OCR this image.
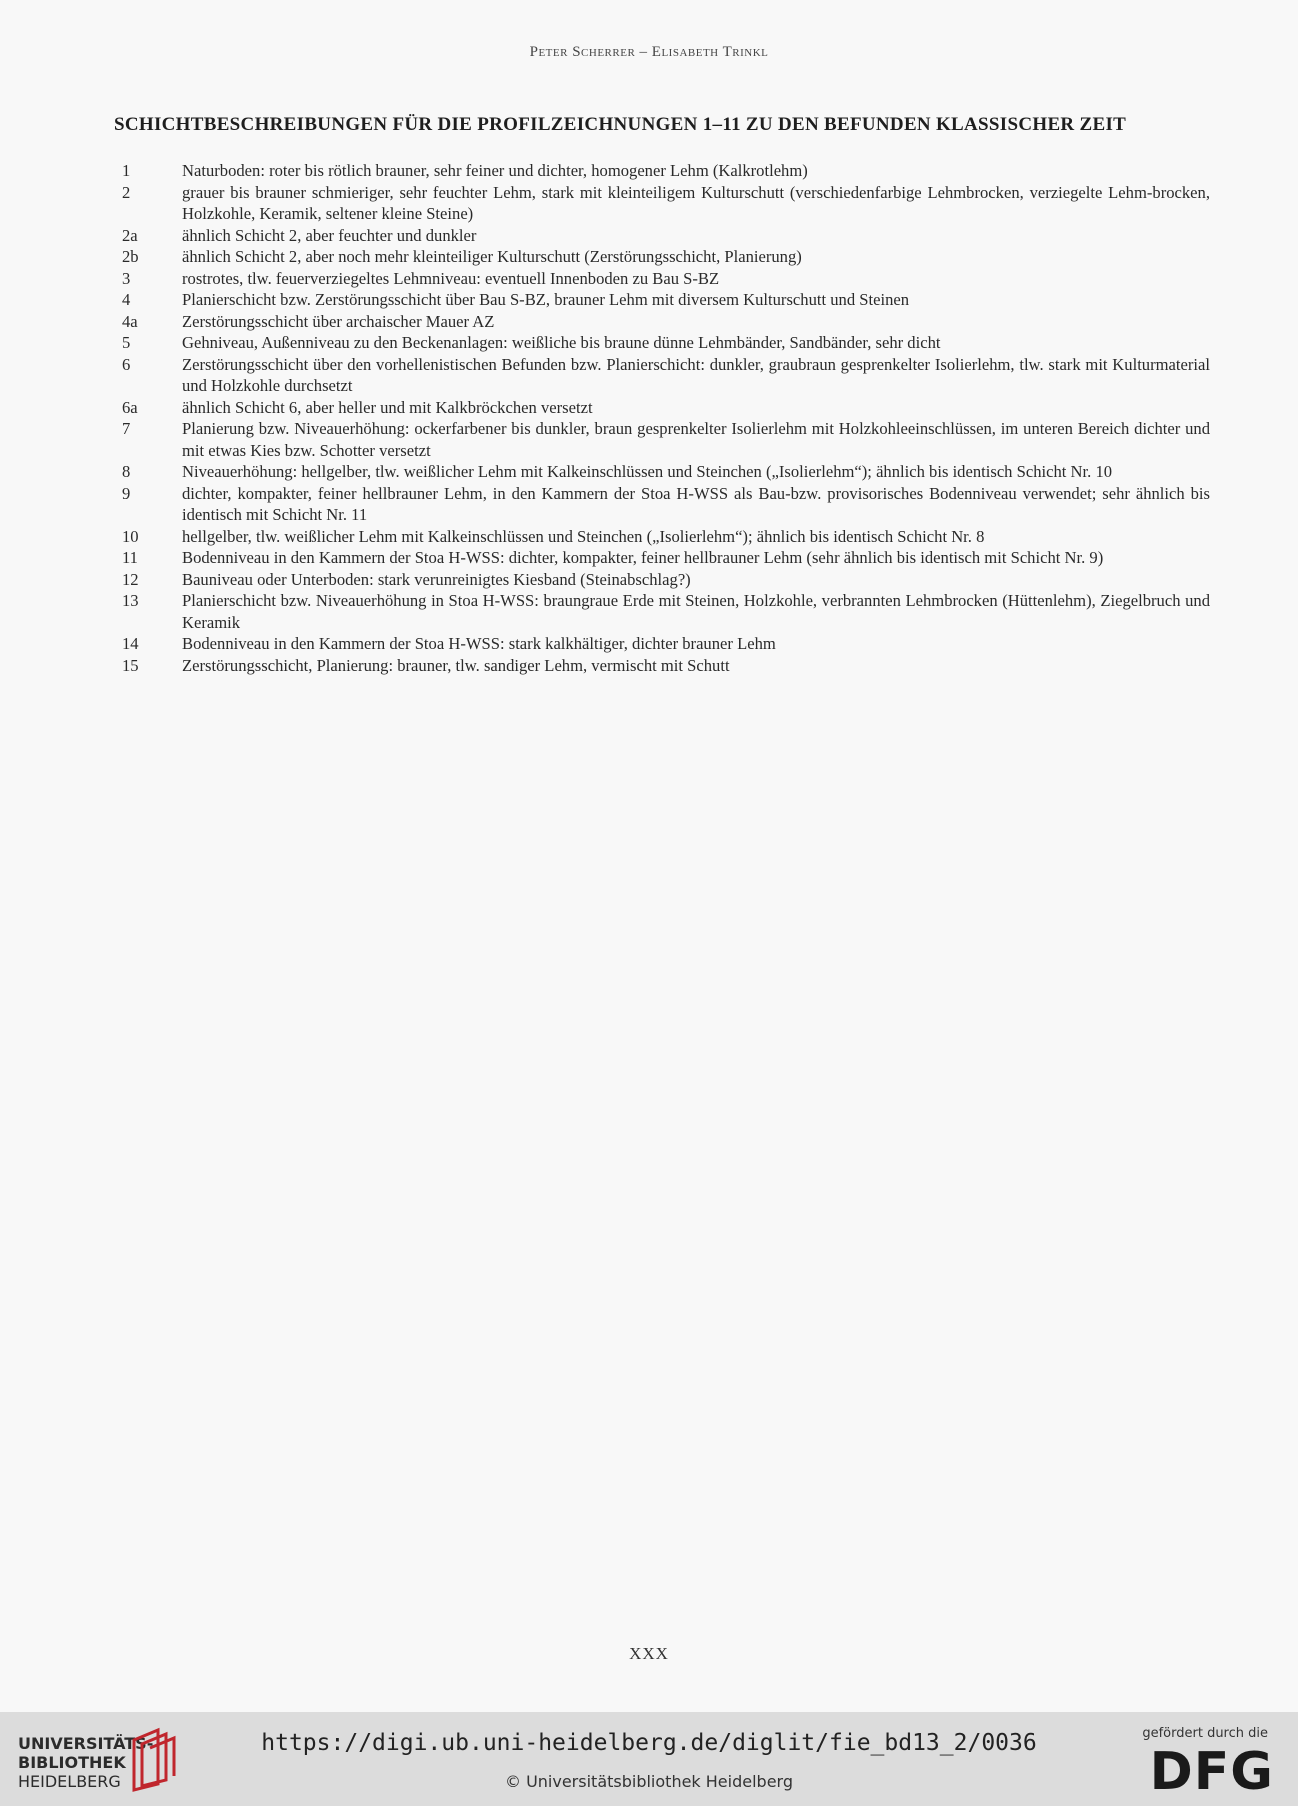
Peter Scherrer – Elisabeth Trinkl
SCHICHTBESCHREIBUNGEN FÜR DIE PROFILZEICHNUNGEN 1–11 ZU DEN BEFUNDEN KLASSISCHER ZEIT
1	Naturboden: roter bis rötlich brauner, sehr feiner und dichter, homogener Lehm (Kalkrotlehm)
2	grauer bis brauner schmieriger, sehr feuchter Lehm, stark mit kleinteiligem Kulturschutt (verschiedenfarbige Lehmbrocken, verziegelte Lehm-brocken, Holzkohle, Keramik, seltener kleine Steine)
2a	ähnlich Schicht 2, aber feuchter und dunkler
2b	ähnlich Schicht 2, aber noch mehr kleinteiliger Kulturschutt (Zerstörungsschicht, Planierung)
3	rostrotes, tlw. feuerverziegeltes Lehmniveau: eventuell Innenboden zu Bau S-BZ
4	Planierschicht bzw. Zerstörungsschicht über Bau S-BZ, brauner Lehm mit diversem Kulturschutt und Steinen
4a	Zerstörungsschicht über archaischer Mauer AZ
5	Gehniveau, Außenniveau zu den Beckenanlagen: weißliche bis braune dünne Lehmbänder, Sandbänder, sehr dicht
6	Zerstörungsschicht über den vorhellenistischen Befunden bzw. Planierschicht: dunkler, graubraun gesprenkelter Isolierlehm, tlw. stark mit Kulturmaterial und Holzkohle durchsetzt
6a	ähnlich Schicht 6, aber heller und mit Kalkbröckchen versetzt
7	Planierung bzw. Niveauerhöhung: ockerfarbener bis dunkler, braun gesprenkelter Isolierlehm mit Holzkohleeinschlüssen, im unteren Bereich dichter und mit etwas Kies bzw. Schotter versetzt
8	Niveauerhöhung: hellgelber, tlw. weißlicher Lehm mit Kalkeinschlüssen und Steinchen („Isolierlehm“); ähnlich bis identisch Schicht Nr. 10
9	dichter, kompakter, feiner hellbrauner Lehm, in den Kammern der Stoa H-WSS als Bau-bzw. provisorisches Bodenniveau verwendet; sehr ähnlich bis identisch mit Schicht Nr. 11
10	hellgelber, tlw. weißlicher Lehm mit Kalkeinschlüssen und Steinchen („Isolierlehm“); ähnlich bis identisch Schicht Nr. 8
11	Bodenniveau in den Kammern der Stoa H-WSS: dichter, kompakter, feiner hellbrauner Lehm (sehr ähnlich bis identisch mit Schicht Nr. 9)
12	Bauniveau oder Unterboden: stark verunreinigtes Kiesband (Steinabschlag?)
13	Planierschicht bzw. Niveauerhöhung in Stoa H-WSS: braungraue Erde mit Steinen, Holzkohle, verbrannten Lehmbrocken (Hüttenlehm), Ziegelbruch und Keramik
14	Bodenniveau in den Kammern der Stoa H-WSS: stark kalkhältiger, dichter brauner Lehm
15	Zerstörungsschicht, Planierung: brauner, tlw. sandiger Lehm, vermischt mit Schutt
XXX
UNIVERSITÄTS-
BIBLIOTHEK
HEIDELBERG
https://digi.ub.uni-heidelberg.de/diglit/fie_bd13_2/0036
© Universitätsbibliothek Heidelberg
gefördert durch die
DFG
